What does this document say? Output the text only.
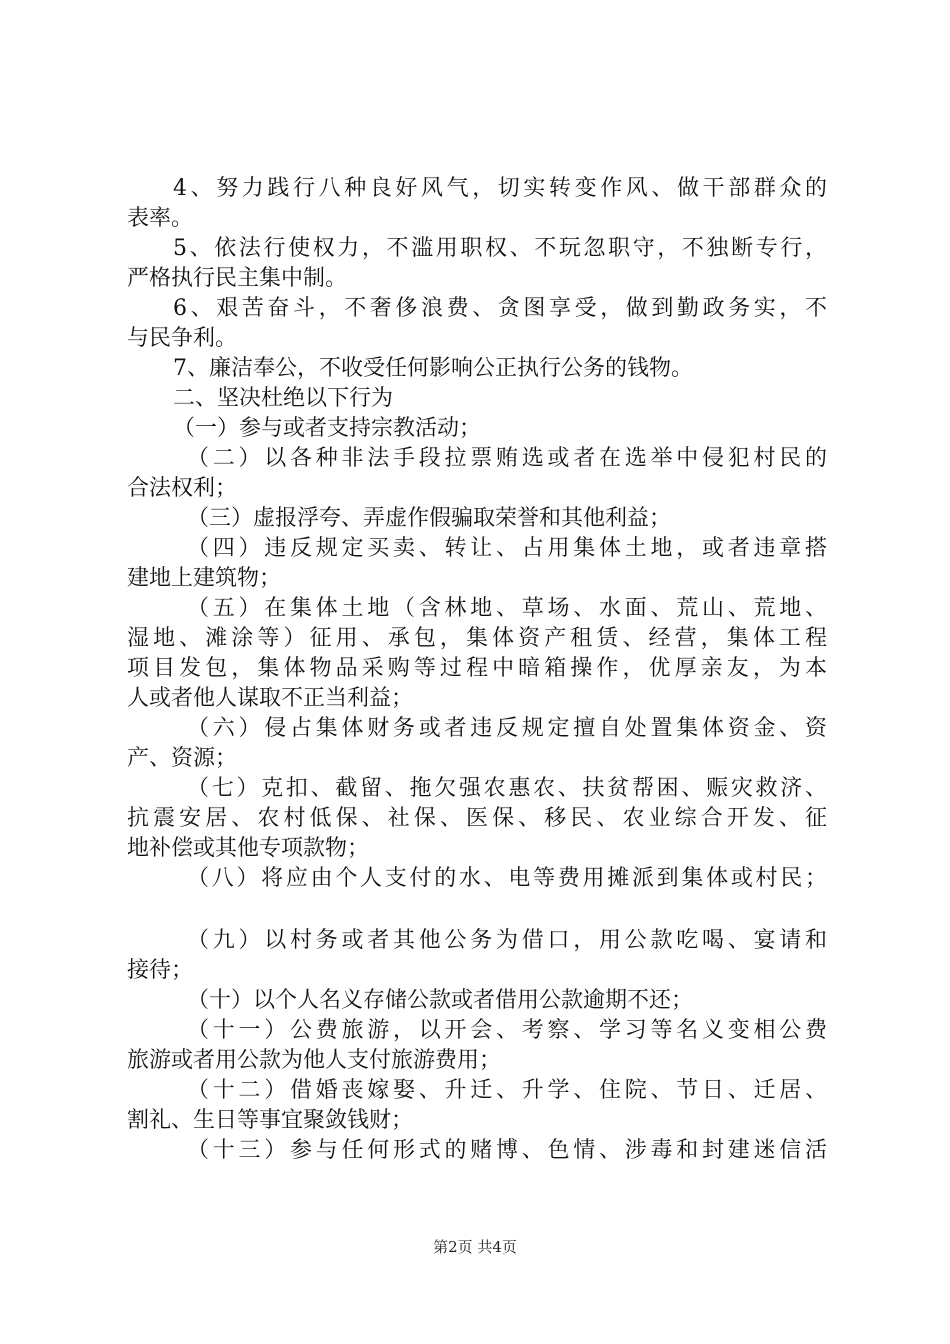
4、努力践行八种良好风气，切实转变作风、做干部群众的
表率。
5、依法行使权力，不滥用职权、不玩忽职守，不独断专行，
严格执行民主集中制。
6、艰苦奋斗，不奢侈浪费、贪图享受，做到勤政务实，不
与民争利。
7、廉洁奉公，不收受任何影响公正执行公务的钱物。
二、坚决杜绝以下行为
（一）参与或者支持宗教活动；
（二）以各种非法手段拉票贿选或者在选举中侵犯村民的
合法权利；
（三）虚报浮夸、弄虚作假骗取荣誉和其他利益；
（四）违反规定买卖、转让、占用集体土地，或者违章搭
建地上建筑物；
（五）在集体土地（含林地、草场、水面、荒山、荒地、
湿地、滩涂等）征用、承包，集体资产租赁、经营，集体工程
项目发包，集体物品采购等过程中暗箱操作，优厚亲友，为本
人或者他人谋取不正当利益；
（六）侵占集体财务或者违反规定擅自处置集体资金、资
产、资源；
（七）克扣、截留、拖欠强农惠农、扶贫帮困、赈灾救济、
抗震安居、农村低保、社保、医保、移民、农业综合开发、征
地补偿或其他专项款物；
（八）将应由个人支付的水、电等费用摊派到集体或村民；
（九）以村务或者其他公务为借口，用公款吃喝、宴请和
接待；
（十）以个人名义存储公款或者借用公款逾期不还；
（十一）公费旅游，以开会、考察、学习等名义变相公费
旅游或者用公款为他人支付旅游费用；
（十二）借婚丧嫁娶、升迁、升学、住院、节日、迁居、
割礼、生日等事宜聚敛钱财；
（十三）参与任何形式的赌博、色情、涉毒和封建迷信活
第2页 共4页
